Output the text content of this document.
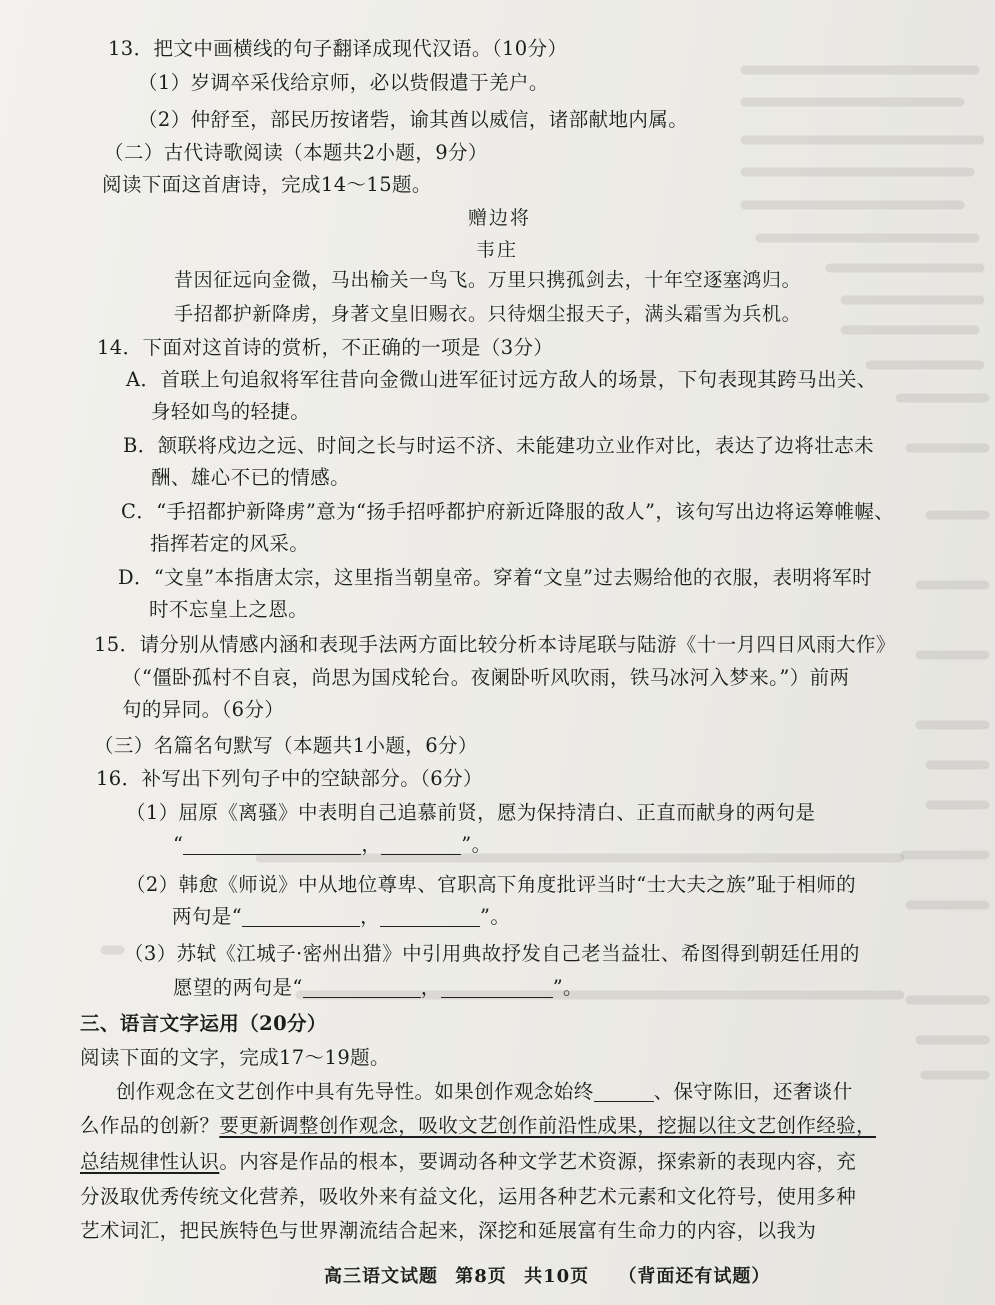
13．把文中画横线的句子翻译成现代汉语。（10分）
（1）岁调卒采伐给京师，必以赀假遣于羌户。
（2）仲舒至，部民历按诸砦，谕其酋以威信，诸部献地内属。
（二）古代诗歌阅读（本题共2小题，9分）
阅读下面这首唐诗，完成14～15题。
赠边将
韦庄
昔因征远向金微，马出榆关一鸟飞。万里只携孤剑去，十年空逐塞鸿归。
手招都护新降虏，身著文皇旧赐衣。只待烟尘报天子，满头霜雪为兵机。
14．下面对这首诗的赏析，不正确的一项是（3分）
A．首联上句追叙将军往昔向金微山进军征讨远方敌人的场景，下句表现其跨马出关、
身轻如鸟的轻捷。
B．颔联将戍边之远、时间之长与时运不济、未能建功立业作对比，表达了边将壮志未
酬、雄心不已的情感。
C．“手招都护新降虏”意为“扬手招呼都护府新近降服的敌人”，该句写出边将运筹帷幄、
指挥若定的风采。
D．“文皇”本指唐太宗，这里指当朝皇帝。穿着“文皇”过去赐给他的衣服，表明将军时
时不忘皇上之恩。
15．请分别从情感内涵和表现手法两方面比较分析本诗尾联与陆游《十一月四日风雨大作》
（“僵卧孤村不自哀，尚思为国戍轮台。夜阑卧听风吹雨，铁马冰河入梦来。”）前两
句的异同。（6分）
（三）名篇名句默写（本题共1小题，6分）
16．补写出下列句子中的空缺部分。（6分）
（1）屈原《离骚》中表明自己追慕前贤，愿为保持清白、正直而献身的两句是
“	，	”。
（2）韩愈《师说》中从地位尊卑、官职高下角度批评当时“士大夫之族”耻于相师的
两句是“	，	”。
（3）苏轼《江城子·密州出猎》中引用典故抒发自己老当益壮、希图得到朝廷任用的
愿望的两句是“	，	”。
三、语言文字运用（20分）
阅读下面的文字，完成17～19题。
创作观念在文艺创作中具有先导性。如果创作观念始终	、保守陈旧，还奢谈什
么作品的创新？要更新调整创作观念，吸收文艺创作前沿性成果，挖掘以往文艺创作经验，
总结规律性认识。内容是作品的根本，要调动各种文学艺术资源，探索新的表现内容，充
分汲取优秀传统文化营养，吸收外来有益文化，运用各种艺术元素和文化符号，使用多种
艺术词汇，把民族特色与世界潮流结合起来，深挖和延展富有生命力的内容，以我为
高三语文试题 第8页 共10页 （背面还有试题）
